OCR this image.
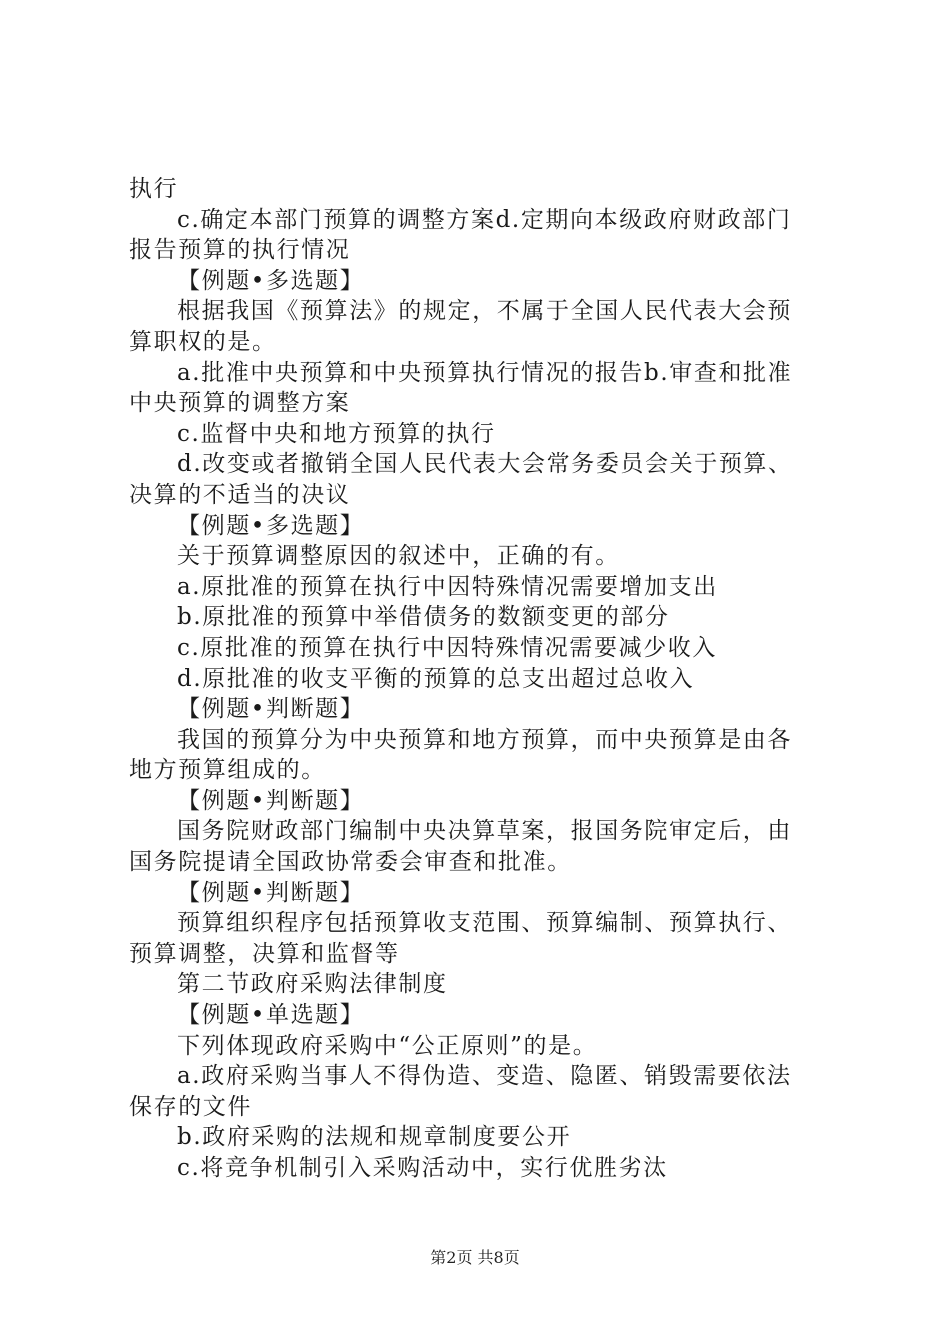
执行
c.确定本部门预算的调整方案d.定期向本级政府财政部门
报告预算的执行情况
【例题•多选题】
根据我国《预算法》的规定，不属于全国人民代表大会预
算职权的是。
a.批准中央预算和中央预算执行情况的报告b.审查和批准
中央预算的调整方案
c.监督中央和地方预算的执行
d.改变或者撤销全国人民代表大会常务委员会关于预算、
决算的不适当的决议
【例题•多选题】
关于预算调整原因的叙述中，正确的有。
a.原批准的预算在执行中因特殊情况需要增加支出
b.原批准的预算中举借债务的数额变更的部分
c.原批准的预算在执行中因特殊情况需要减少收入
d.原批准的收支平衡的预算的总支出超过总收入
【例题•判断题】
我国的预算分为中央预算和地方预算，而中央预算是由各
地方预算组成的。
【例题•判断题】
国务院财政部门编制中央决算草案，报国务院审定后，由
国务院提请全国政协常委会审查和批准。
【例题•判断题】
预算组织程序包括预算收支范围、预算编制、预算执行、
预算调整，决算和监督等
第二节政府采购法律制度
【例题•单选题】
下列体现政府采购中“公正原则”的是。
a.政府采购当事人不得伪造、变造、隐匿、销毁需要依法
保存的文件
b.政府采购的法规和规章制度要公开
c.将竞争机制引入采购活动中，实行优胜劣汰
第2页 共8页
